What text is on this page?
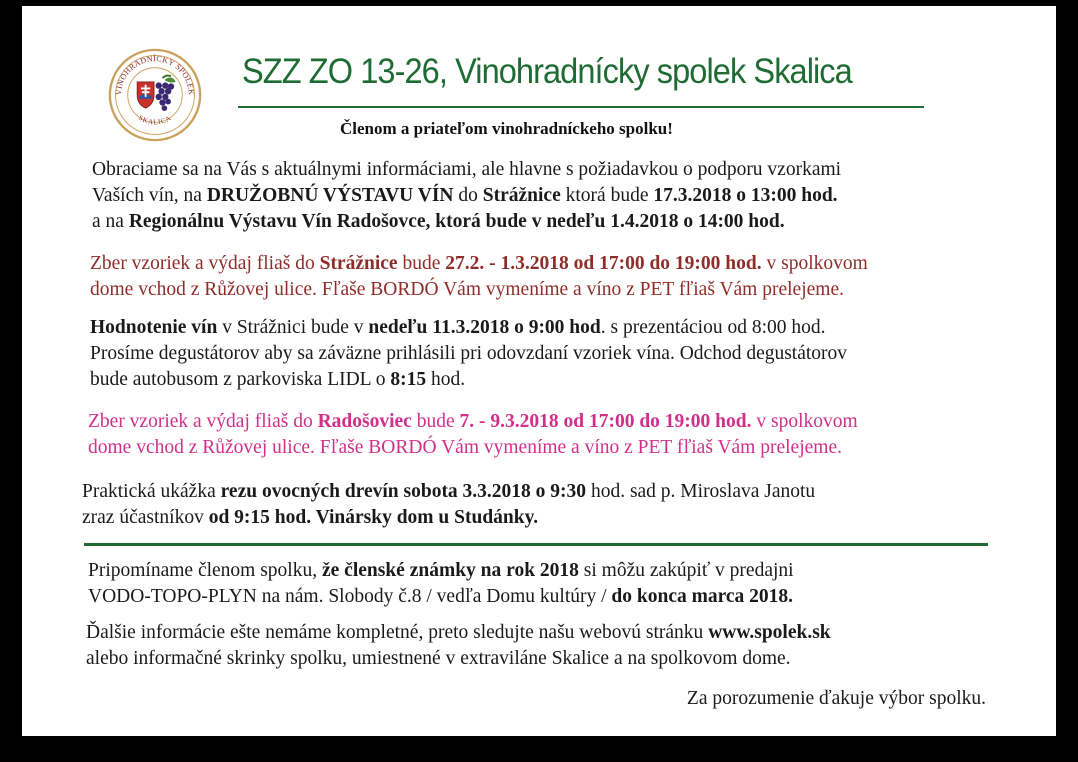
VINOHRADNÍCKY SPOLEK
SKALICA
SZZ ZO 13-26, Vinohradnícky spolek Skalica
Členom a priateľom vinohradníckeho spolku!
Obraciame sa na Vás s aktuálnymi informáciami, ale hlavne s požiadavkou o podporu vzorkami
Vaších vín, na DRUŽOBNÚ VÝSTAVU VÍN do Strážnice ktorá bude 17.3.2018 o 13:00 hod.
a na Regionálnu Výstavu Vín Radošovce, ktorá bude v nedeľu 1.4.2018 o 14:00 hod.
Zber vzoriek a výdaj fliaš do Strážnice bude 27.2. - 1.3.2018 od 17:00 do 19:00 hod. v spolkovom
dome vchod z Růžovej ulice. Fľaše BORDÓ Vám vymeníme a víno z PET fľiaš Vám prelejeme.
Hodnotenie vín v Strážnici bude v nedeľu 11.3.2018 o 9:00 hod. s prezentáciou od 8:00 hod.
Prosíme degustátorov aby sa záväzne prihlásili pri odovzdaní vzoriek vína. Odchod degustátorov
bude autobusom z parkoviska LIDL o 8:15 hod.
Zber vzoriek a výdaj fliaš do Radošoviec bude 7. - 9.3.2018 od 17:00 do 19:00 hod. v spolkovom
dome vchod z Růžovej ulice. Fľaše BORDÓ Vám vymeníme a víno z PET fľiaš Vám prelejeme.
Praktická ukážka rezu ovocných drevín sobota 3.3.2018 o 9:30 hod. sad p. Miroslava Janotu
zraz účastníkov od 9:15 hod. Vinársky dom u Studánky.
Pripomíname členom spolku, že členské známky na rok 2018 si môžu zakúpiť v predajni
VODO-TOPO-PLYN na nám. Slobody č.8 / vedľa Domu kultúry / do konca marca 2018.
Ďalšie informácie ešte nemáme kompletné, preto sledujte našu webovú stránku www.spolek.sk
alebo informačné skrinky spolku, umiestnené v extraviláne Skalice a na spolkovom dome.
Za porozumenie ďakuje výbor spolku.
